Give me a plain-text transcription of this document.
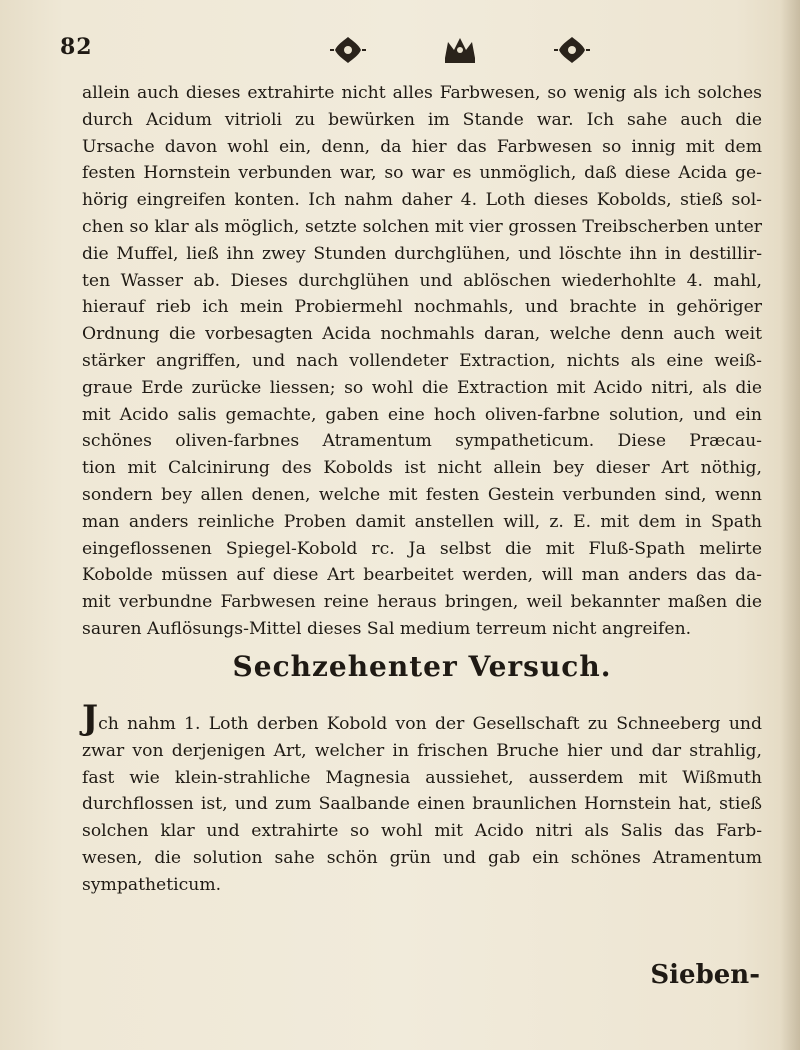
82
allein auch dieses extrahirte nicht alles Farbwesen, so wenig als ich solches
durch Acidum vitrioli zu bewürken im Stande war. Ich sahe auch die
Ursache davon wohl ein, denn, da hier das Farbwesen so innig mit dem
festen Hornstein verbunden war, so war es unmöglich, daß diese Acida ge-
hörig eingreifen konten. Ich nahm daher 4. Loth dieses Kobolds, stieß sol-
chen so klar als möglich, setzte solchen mit vier grossen Treibscherben unter
die Muffel, ließ ihn zwey Stunden durchglühen, und löschte ihn in destillir-
ten Wasser ab. Dieses durchglühen und ablöschen wiederhohlte 4. mahl,
hierauf rieb ich mein Probiermehl nochmahls, und brachte in gehöriger
Ordnung die vorbesagten Acida nochmahls daran, welche denn auch weit
stärker angriffen, und nach vollendeter Extraction, nichts als eine weiß-
graue Erde zurücke liessen; so wohl die Extraction mit Acido nitri, als die
mit Acido salis gemachte, gaben eine hoch oliven-farbne solution, und ein
schönes oliven-farbnes Atramentum sympatheticum. Diese Præcau-
tion mit Calcinirung des Kobolds ist nicht allein bey dieser Art nöthig,
sondern bey allen denen, welche mit festen Gestein verbunden sind, wenn
man anders reinliche Proben damit anstellen will, z. E. mit dem in Spath
eingeflossenen Spiegel-Kobold rc. Ja selbst die mit Fluß-Spath melirte
Kobolde müssen auf diese Art bearbeitet werden, will man anders das da-
mit verbundne Farbwesen reine heraus bringen, weil bekannter maßen die
sauren Auflösungs-Mittel dieses Sal medium terreum nicht angreifen.
Sechzehenter Versuch.
Jch nahm 1. Loth derben Kobold von der Gesellschaft zu Schneeberg und
zwar von derjenigen Art, welcher in frischen Bruche hier und dar strahlig,
fast wie klein-strahliche Magnesia aussiehet, ausserdem mit Wißmuth
durchflossen ist, und zum Saalbande einen braunlichen Hornstein hat, stieß
solchen klar und extrahirte so wohl mit Acido nitri als Salis das Farb-
wesen, die solution sahe schön grün und gab ein schönes Atramentum
sympatheticum.
Sieben-
